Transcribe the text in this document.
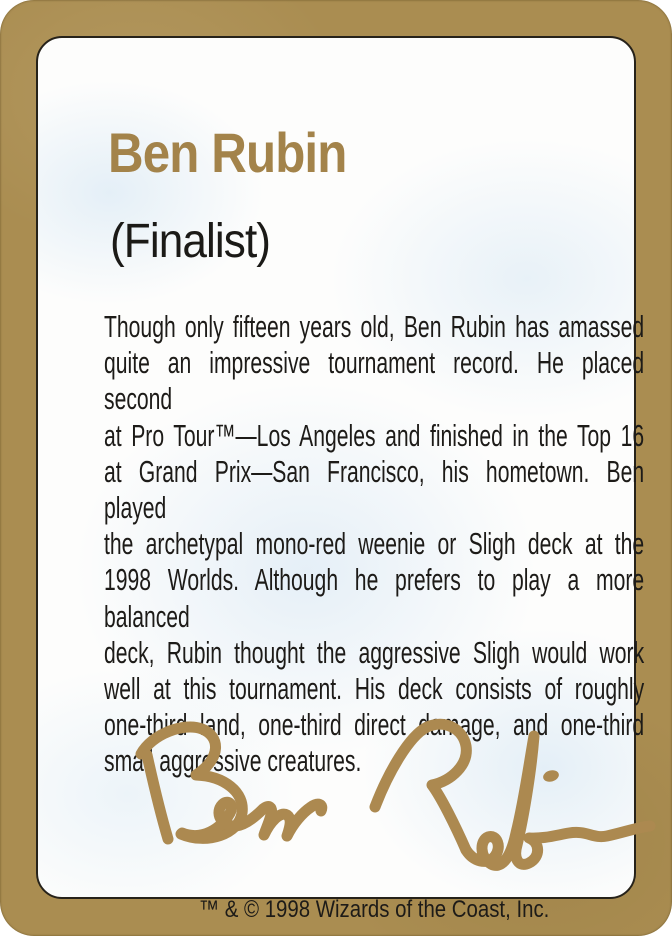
Ben Rubin
(Finalist)
Though only fifteen years old, Ben Rubin has amassed
quite an impressive tournament record. He placed second
at Pro Tour™—Los Angeles and finished in the Top 16
at Grand Prix—San Francisco, his hometown. Ben played
the archetypal mono-red weenie or Sligh deck at the
1998 Worlds. Although he prefers to play a more balanced
deck, Rubin thought the aggressive Sligh would work
well at this tournament. His deck consists of roughly
one-third land, one-third direct damage, and one-third
small aggressive creatures.
™ & © 1998 Wizards of the Coast, Inc.
